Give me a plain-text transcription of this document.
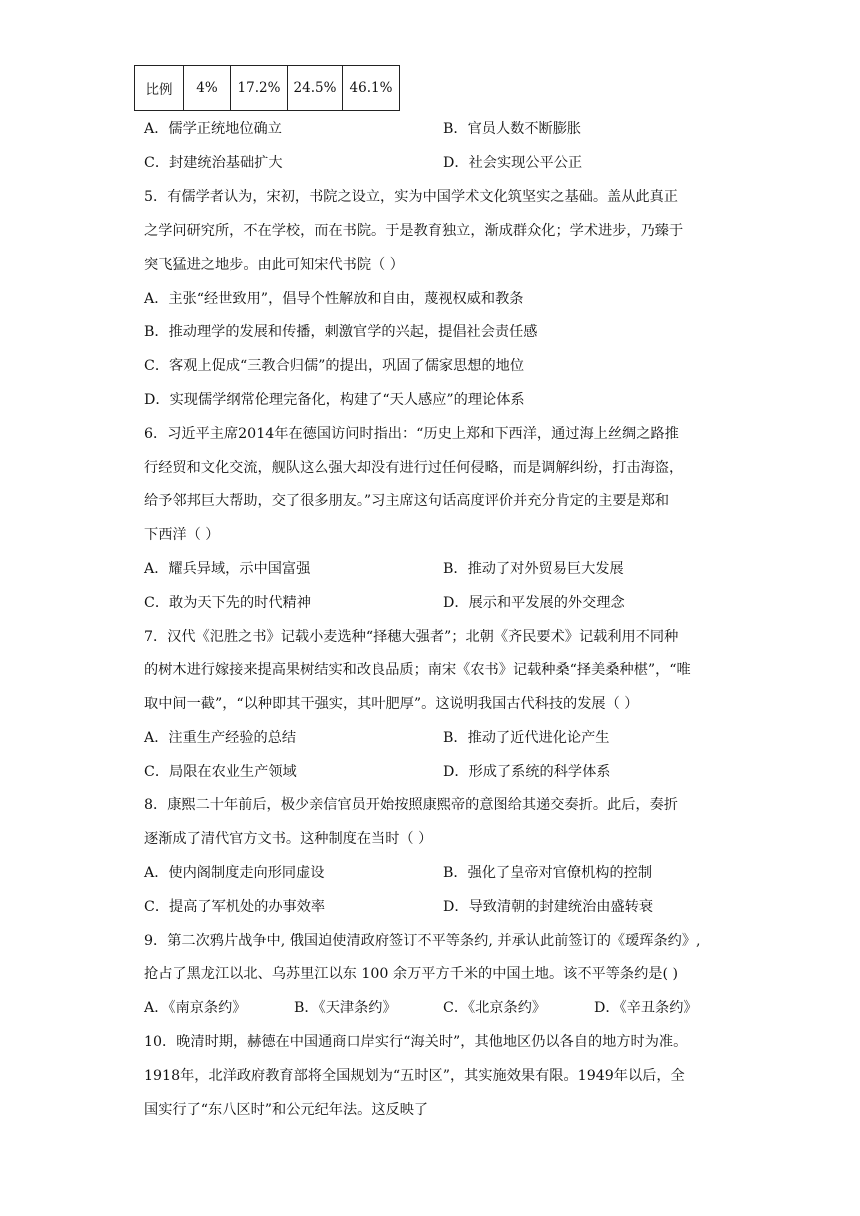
比例	4%	17.2%	24.5%	46.1%
A．儒学正统地位确立	B．官员人数不断膨胀
C．封建统治基础扩大	D．社会实现公平公正
5．有儒学者认为，宋初，书院之设立，实为中国学术文化筑坚实之基础。盖从此真正
之学问研究所，不在学校，而在书院。于是教育独立，渐成群众化；学术进步，乃臻于
突飞猛进之地步。由此可知宋代书院（ ）
A．主张“经世致用”，倡导个性解放和自由，蔑视权威和教条
B．推动理学的发展和传播，刺激官学的兴起，提倡社会责任感
C．客观上促成“三教合归儒”的提出，巩固了儒家思想的地位
D．实现儒学纲常伦理完备化，构建了“天人感应”的理论体系
6．习近平主席2014年在德国访问时指出：“历史上郑和下西洋，通过海上丝绸之路推
行经贸和文化交流，舰队这么强大却没有进行过任何侵略，而是调解纠纷，打击海盗，
给予邻邦巨大帮助，交了很多朋友。”习主席这句话高度评价并充分肯定的主要是郑和
下西洋（ ）
A．耀兵异域，示中国富强	B．推动了对外贸易巨大发展
C．敢为天下先的时代精神	D．展示和平发展的外交理念
7．汉代《氾胜之书》记载小麦选种“择穗大强者”；北朝《齐民要术》记载利用不同种
的树木进行嫁接来提高果树结实和改良品质；南宋《农书》记载种桑“择美桑种椹”，“唯
取中间一截”，“以种即其干强实，其叶肥厚”。这说明我国古代科技的发展（ ）
A．注重生产经验的总结	B．推动了近代进化论产生
C．局限在农业生产领域	D．形成了系统的科学体系
8．康熙二十年前后，极少亲信官员开始按照康熙帝的意图给其递交奏折。此后，奏折
逐渐成了清代官方文书。这种制度在当时（ ）
A．使内阁制度走向形同虚设	B．强化了皇帝对官僚机构的控制
C．提高了军机处的办事效率	D．导致清朝的封建统治由盛转衰
9．第二次鸦片战争中, 俄国迫使清政府签订不平等条约, 并承认此前签订的《瑷珲条约》,
抢占了黑龙江以北、乌苏里江以东 100 余万平方千米的中国土地。该不平等条约是( )
A．《南京条约》	B．《天津条约》	C．《北京条约》	D．《辛丑条约》
10．晚清时期，赫德在中国通商口岸实行“海关时”，其他地区仍以各自的地方时为准。
1918年，北洋政府教育部将全国规划为“五时区”，其实施效果有限。1949年以后，全
国实行了“东八区时”和公元纪年法。这反映了
